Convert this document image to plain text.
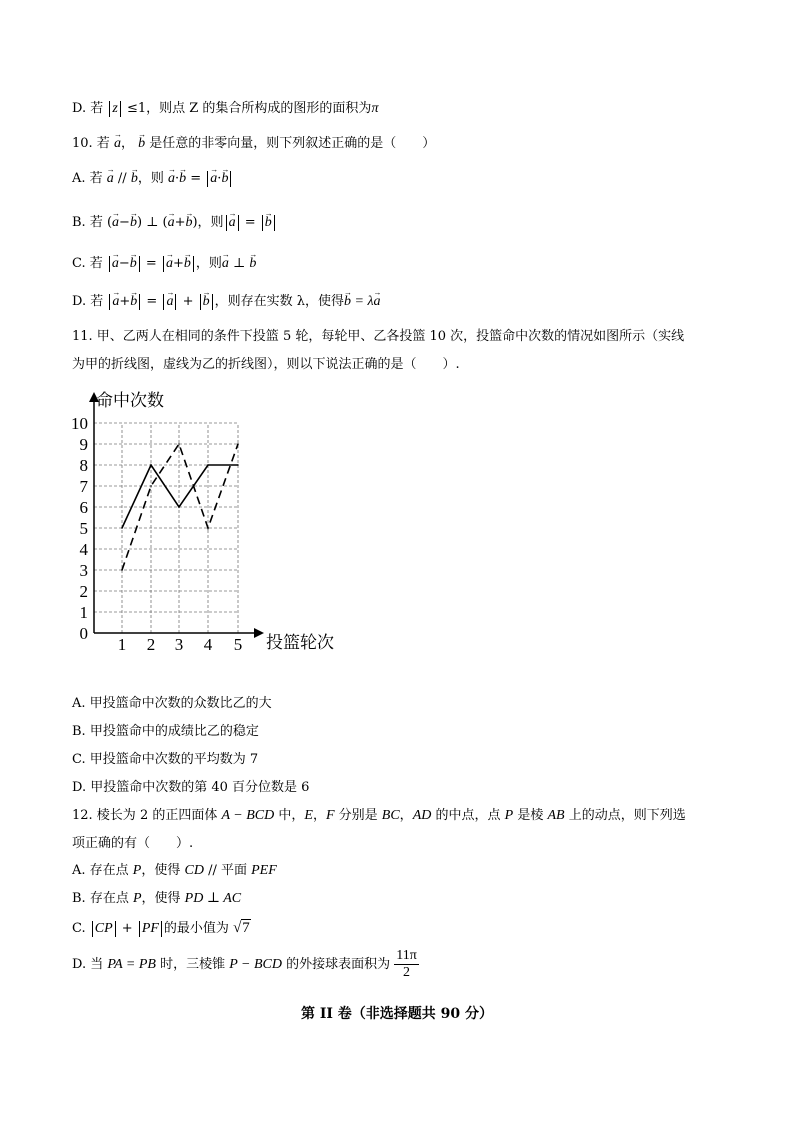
D. 若 z ≤1，则点 Z 的集合所构成的图形的面积为π
10. 若 → a， → b 是任意的非零向量，则下列叙述正确的是（　　）
A. 若 → a // → b，则 → a·→ b = → a·→ b
B. 若 (→ a−→ b) ⊥ (→ a+→ b)，则 → a = → b
C. 若 → a−→ b = → a+→ b ，则→ a ⊥ → b
D. 若 → a+→ b = → a + → b ，则存在实数 λ，使得→ b = λ→ a
11. 甲、乙两人在相同的条件下投篮 5 轮，每轮甲、乙各投篮 10 次，投篮命中次数的情况如图所示（实线
为甲的折线图，虚线为乙的折线图），则以下说法正确的是（　　）.
0
1
2
3
4
5
6
7
8
9
10
1 2 3 4 5
命中次数
投篮轮次
A. 甲投篮命中次数的众数比乙的大
B. 甲投篮命中的成绩比乙的稳定
C. 甲投篮命中次数的平均数为 7
D. 甲投篮命中次数的第 40 百分位数是 6
12. 棱长为 2 的正四面体 A − BCD 中，E，F 分别是 BC，AD 的中点，点 P 是棱 AB 上的动点，则下列选
项正确的有（　　）.
A. 存在点 P，使得 CD // 平面 PEF
B. 存在点 P，使得 PD ⊥ AC
C. CP + PF 的最小值为 √7
D. 当 PA = PB 时，三棱锥 P − BCD 的外接球表面积为 $\frac{11\pi}{2}$
第 II 卷（非选择题共 90 分）
